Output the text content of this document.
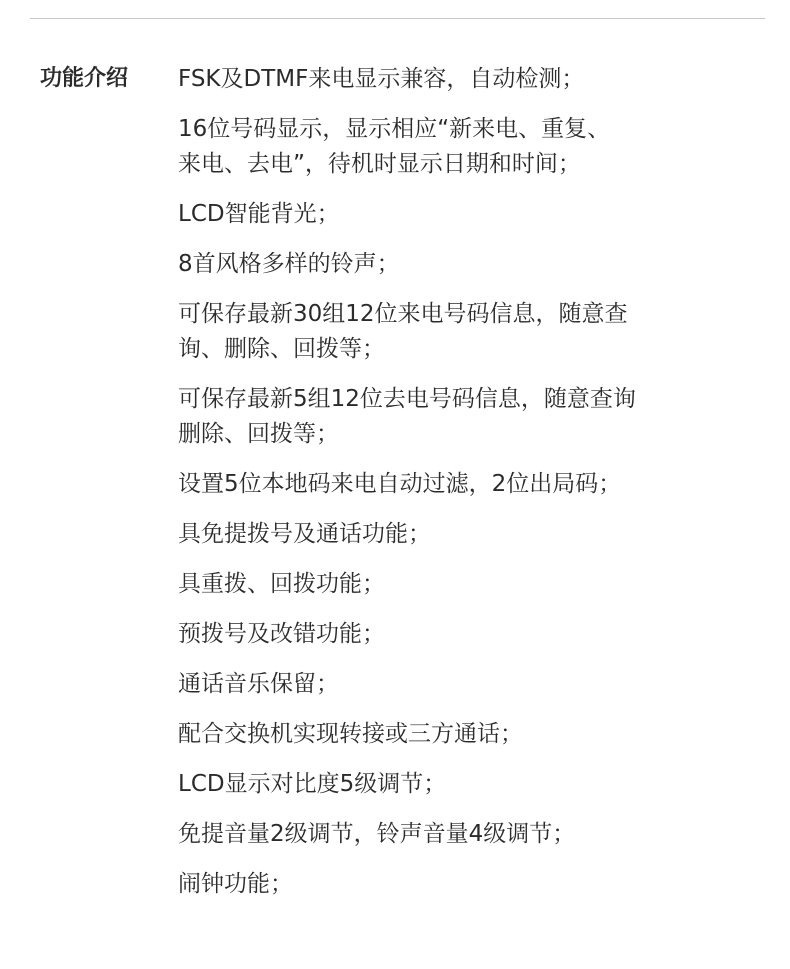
功能介绍 FSK及DTMF来电显示兼容，自动检测；
16位号码显示，显示相应“新来电、重复、
来电、去电”，待机时显示日期和时间；
LCD智能背光；
8首风格多样的铃声；
可保存最新30组12位来电号码信息，随意查
询、删除、回拨等；
可保存最新5组12位去电号码信息，随意查询
删除、回拨等；
设置5位本地码来电自动过滤，2位出局码；
具免提拨号及通话功能；
具重拨、回拨功能；
预拨号及改错功能；
通话音乐保留；
配合交换机实现转接或三方通话；
LCD显示对比度5级调节；
免提音量2级调节，铃声音量4级调节；
闹钟功能；
